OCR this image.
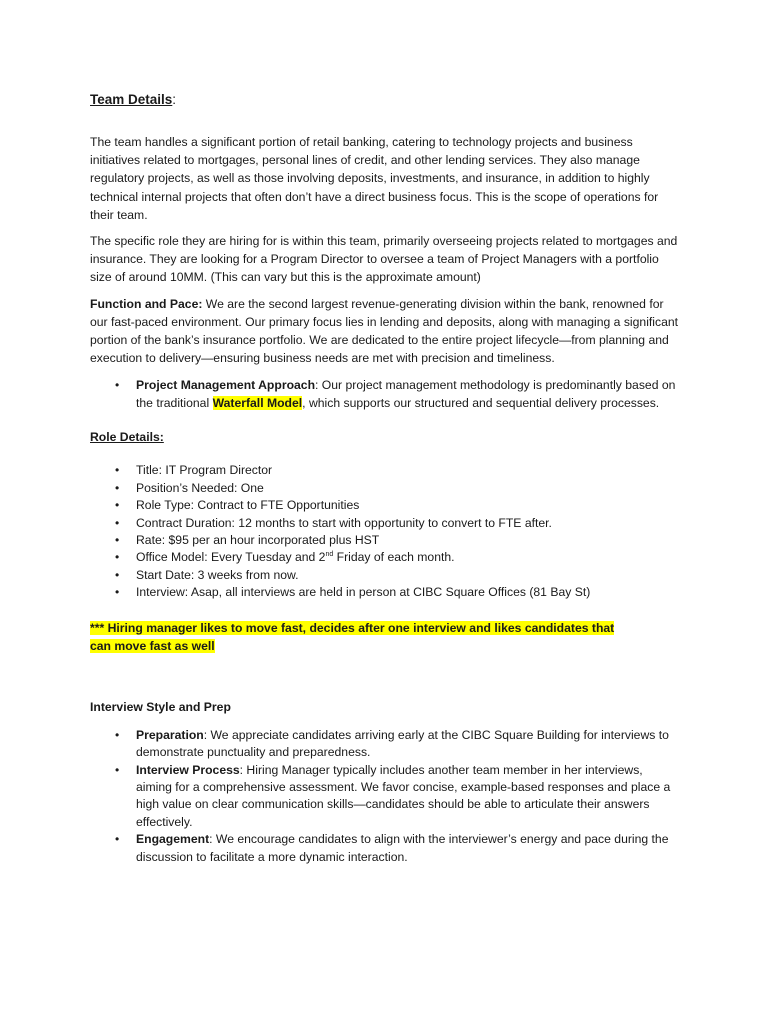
Team Details:

The team handles a significant portion of retail banking, catering to technology projects and business initiatives related to mortgages, personal lines of credit, and other lending services. They also manage regulatory projects, as well as those involving deposits, investments, and insurance, in addition to highly technical internal projects that often don’t have a direct business focus. This is the scope of operations for their team.

The specific role they are hiring for is within this team, primarily overseeing projects related to mortgages and insurance. They are looking for a Program Director to oversee a team of Project Managers with a portfolio size of around 10MM. (This can vary but this is the approximate amount)

Function and Pace: We are the second largest revenue-generating division within the bank, renowned for our fast-paced environment. Our primary focus lies in lending and deposits, along with managing a significant portion of the bank’s insurance portfolio. We are dedicated to the entire project lifecycle—from planning and execution to delivery—ensuring business needs are met with precision and timeliness.

• Project Management Approach: Our project management methodology is predominantly based on the traditional Waterfall Model, which supports our structured and sequential delivery processes.
Role Details:
• Title: IT Program Director
• Position’s Needed: One
• Role Type: Contract to FTE Opportunities
• Contract Duration: 12 months to start with opportunity to convert to FTE after.
• Rate: $95 per an hour incorporated plus HST
• Office Model: Every Tuesday and 2nd Friday of each month.
• Start Date: 3 weeks from now.
• Interview: Asap, all interviews are held in person at CIBC Square Offices (81 Bay St)
*** Hiring manager likes to move fast, decides after one interview and likes candidates that
can move fast as well
Interview Style and Prep
• Preparation: We appreciate candidates arriving early at the CIBC Square Building for interviews to demonstrate punctuality and preparedness.
• Interview Process: Hiring Manager typically includes another team member in her interviews, aiming for a comprehensive assessment. We favor concise, example-based responses and place a high value on clear communication skills—candidates should be able to articulate their answers effectively.
• Engagement: We encourage candidates to align with the interviewer’s energy and pace during the discussion to facilitate a more dynamic interaction.
